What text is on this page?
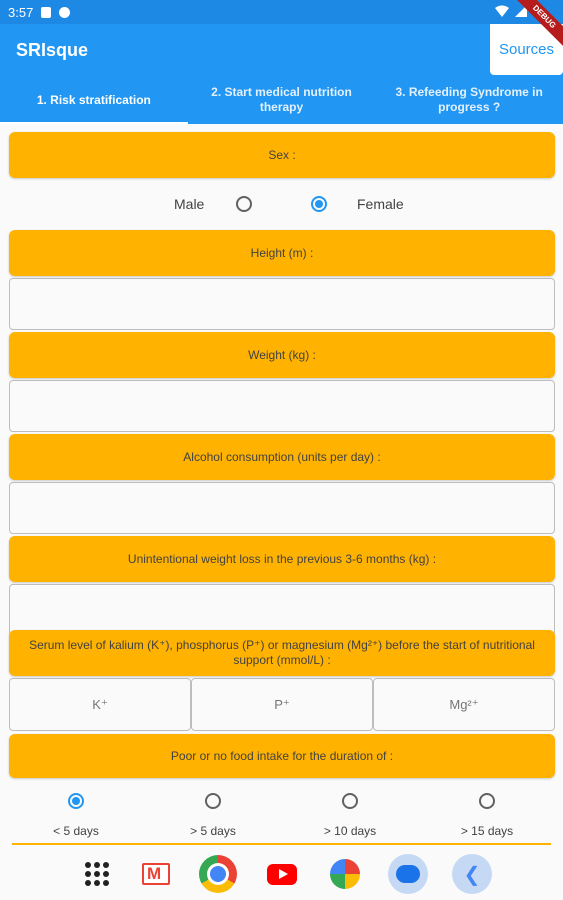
3:57	DEBUG
SRIsque	Sources
1. Risk stratification
2. Start medical nutrition therapy
3. Refeeding Syndrome in progress ?
Sex :
Male	Female
Height (m) :
Weight (kg) :
Alcohol consumption (units per day) :
Unintentional weight loss in the previous 3-6 months (kg) :
Serum level of kalium (K⁺), phosphorus (P⁺) or magnesium (Mg²⁺) before the start of nutritional support (mmol/L) :
K⁺	P⁺	Mg²⁺
Poor or no food intake for the duration of :
< 5 days	> 5 days	> 10 days	> 15 days
M
❮
